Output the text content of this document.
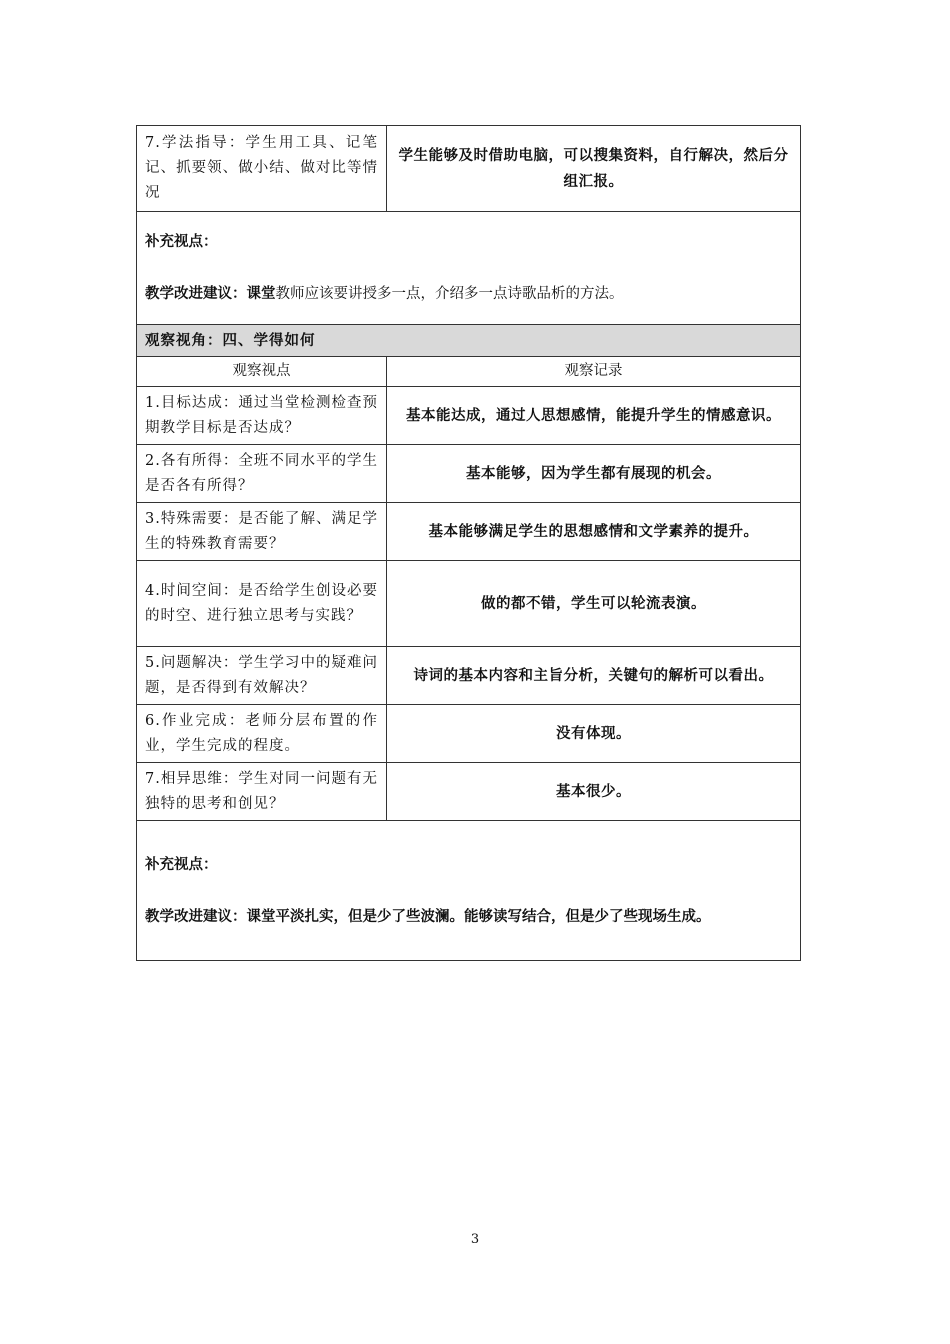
7.学法指导：学生用工具、记笔记、抓要领、做小结、做对比等情况	学生能够及时借助电脑，可以搜集资料，自行解决，然后分组汇报。

补充视点：
教学改进建议：课堂教师应该要讲授多一点，介绍多一点诗歌品析的方法。	
观察视角：四、学得如何	
观察视点	观察记录
1.目标达成：通过当堂检测检查预期教学目标是否达成？	基本能达成，通过人思想感情，能提升学生的情感意识。
2.各有所得：全班不同水平的学生是否各有所得？	基本能够，因为学生都有展现的机会。
3.特殊需要：是否能了解、满足学生的特殊教育需要？	基本能够满足学生的思想感情和文学素养的提升。
4.时间空间：是否给学生创设必要的时空、进行独立思考与实践？	做的都不错，学生可以轮流表演。
5.问题解决：学生学习中的疑难问题，是否得到有效解决？	诗词的基本内容和主旨分析，关键句的解析可以看出。
6.作业完成：老师分层布置的作业，学生完成的程度。	没有体现。
7.相异思维：学生对同一问题有无独特的思考和创见？	基本很少。

补充视点：
教学改进建议：课堂平淡扎实，但是少了些波澜。能够读写结合，但是少了些现场生成。	
3
